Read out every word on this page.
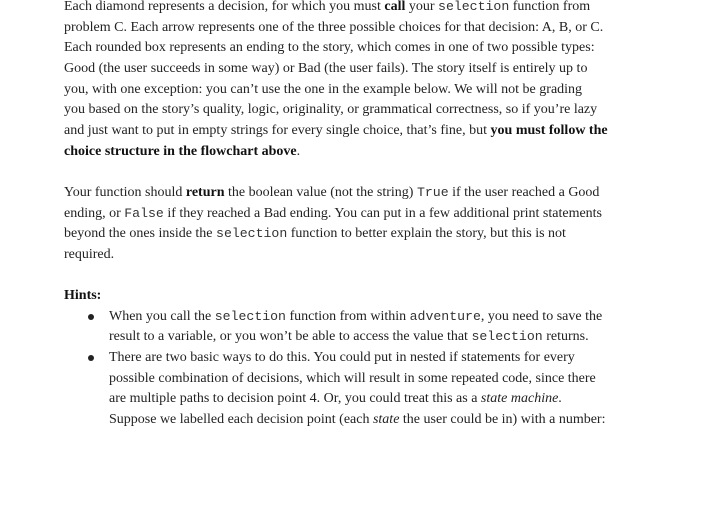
Each diamond represents a decision, for which you must call your selection function from
problem C. Each arrow represents one of the three possible choices for that decision: A, B, or C.
Each rounded box represents an ending to the story, which comes in one of two possible types:
Good (the user succeeds in some way) or Bad (the user fails). The story itself is entirely up to
you, with one exception: you can’t use the one in the example below. We will not be grading
you based on the story’s quality, logic, originality, or grammatical correctness, so if you’re lazy
and just want to put in empty strings for every single choice, that’s fine, but you must follow the
choice structure in the flowchart above.
Your function should return the boolean value (not the string) True if the user reached a Good
ending, or False if they reached a Bad ending. You can put in a few additional print statements
beyond the ones inside the selection function to better explain the story, but this is not
required.
Hints:
When you call the selection function from within adventure, you need to save the
result to a variable, or you won’t be able to access the value that selection returns.
There are two basic ways to do this. You could put in nested if statements for every
possible combination of decisions, which will result in some repeated code, since there
are multiple paths to decision point 4. Or, you could treat this as a state machine.
Suppose we labelled each decision point (each state the user could be in) with a number:
